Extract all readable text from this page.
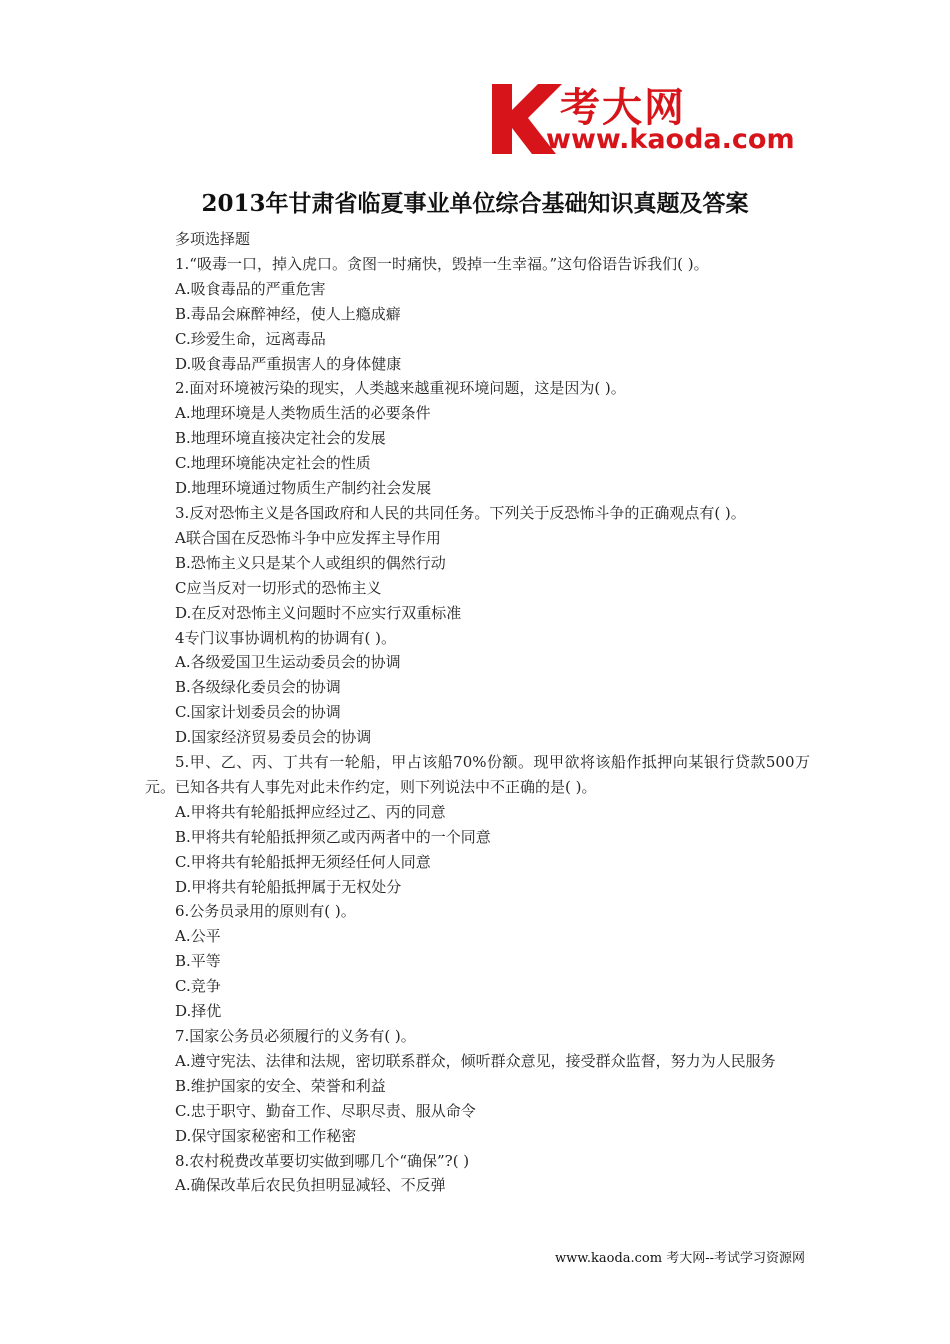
考大网
www.kaoda.com
2013年甘肃省临夏事业单位综合基础知识真题及答案
多项选择题
1.“吸毒一口，掉入虎口。贪图一时痛快，毁掉一生幸福。”这句俗语告诉我们( )。
A.吸食毒品的严重危害
B.毒品会麻醉神经，使人上瘾成癖
C.珍爱生命，远离毒品
D.吸食毒品严重损害人的身体健康
2.面对环境被污染的现实，人类越来越重视环境问题，这是因为( )。
A.地理环境是人类物质生活的必要条件
B.地理环境直接决定社会的发展
C.地理环境能决定社会的性质
D.地理环境通过物质生产制约社会发展
3.反对恐怖主义是各国政府和人民的共同任务。下列关于反恐怖斗争的正确观点有( )。
A联合国在反恐怖斗争中应发挥主导作用
B.恐怖主义只是某个人或组织的偶然行动
C应当反对一切形式的恐怖主义
D.在反对恐怖主义问题时不应实行双重标准
4专门议事协调机构的协调有( )。
A.各级爱国卫生运动委员会的协调
B.各级绿化委员会的协调
C.国家计划委员会的协调
D.国家经济贸易委员会的协调
5.甲、乙、丙、丁共有一轮船，甲占该船70%份额。现甲欲将该船作抵押向某银行贷款500万元。已知各共有人事先对此未作约定，则下列说法中不正确的是( )。
A.甲将共有轮船抵押应经过乙、丙的同意
B.甲将共有轮船抵押须乙或丙两者中的一个同意
C.甲将共有轮船抵押无须经任何人同意
D.甲将共有轮船抵押属于无权处分
6.公务员录用的原则有( )。
A.公平
B.平等
C.竞争
D.择优
7.国家公务员必须履行的义务有( )。
A.遵守宪法、法律和法规，密切联系群众，倾听群众意见，接受群众监督，努力为人民服务
B.维护国家的安全、荣誉和利益
C.忠于职守、勤奋工作、尽职尽责、服从命令
D.保守国家秘密和工作秘密
8.农村税费改革要切实做到哪几个“确保”?( )
A.确保改革后农民负担明显减轻、不反弹
www.kaoda.com 考大网--考试学习资源网
